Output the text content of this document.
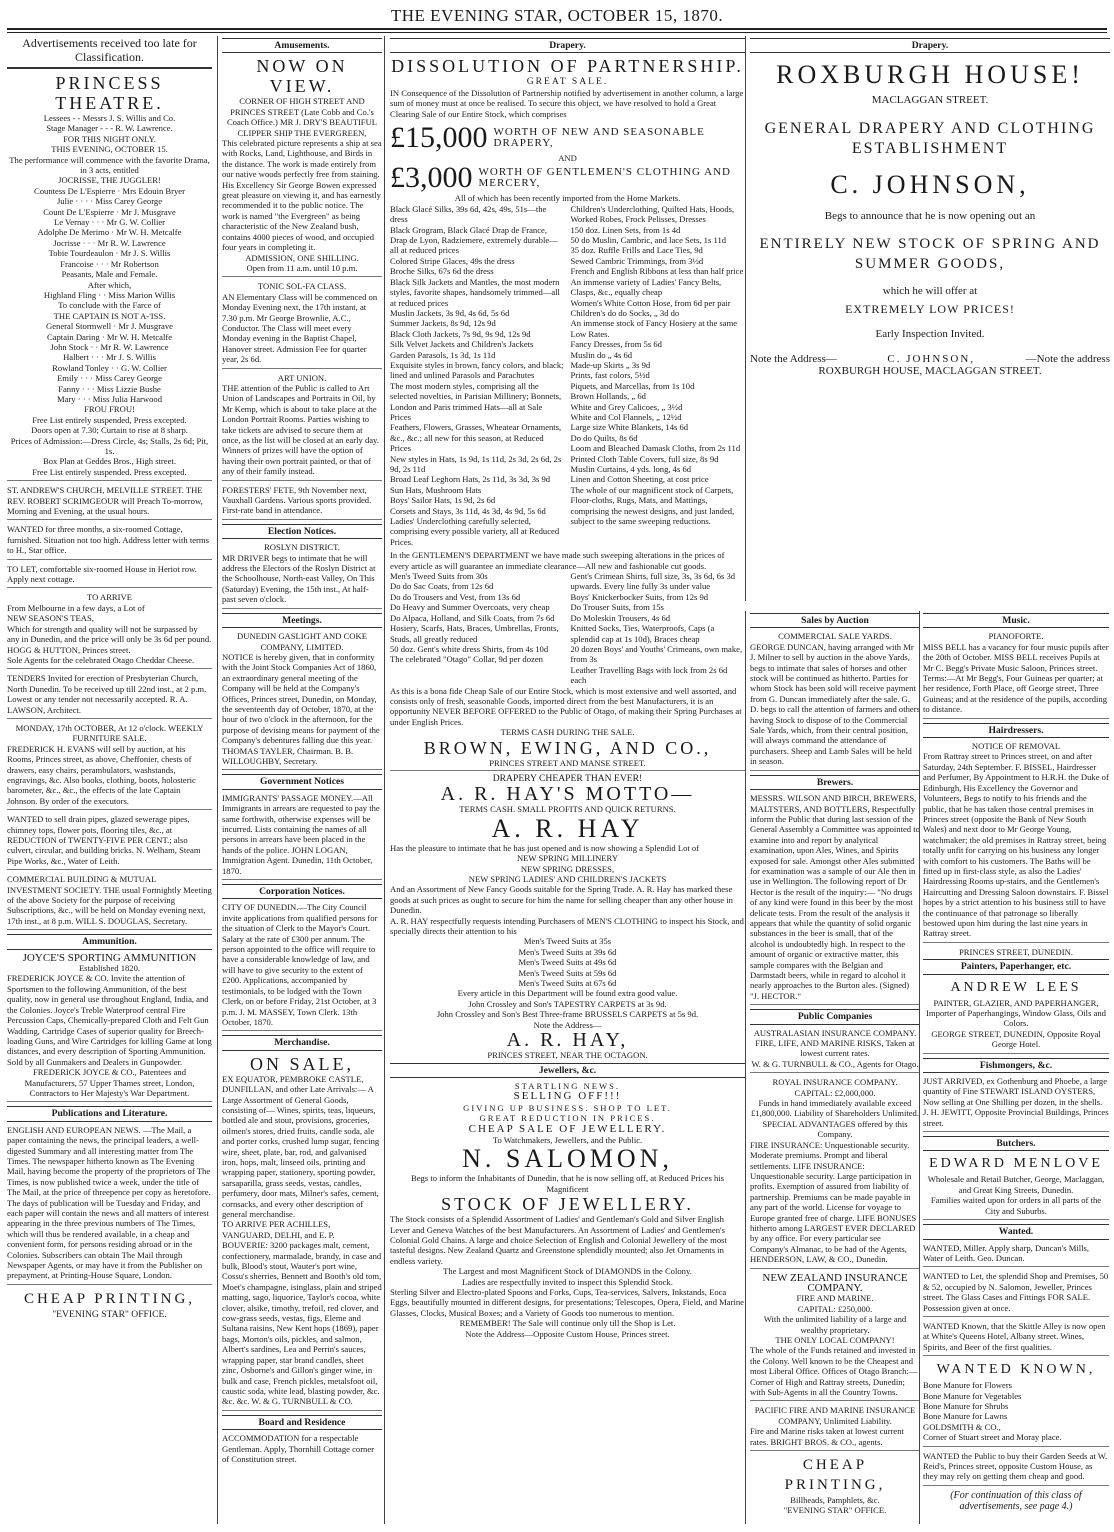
THE EVENING STAR, OCTOBER 15, 1870.
Advertisements received too late for Classification.
PRINCESS THEATRE.
Lessees - - Messrs J. S. Willis and Co.
Stage Manager - - - R. W. Lawrence.
FOR THIS NIGHT ONLY.
THIS EVENING, OCTOBER 15.
The performance will commence with the favorite Drama, in 3 acts, entitled
JOCRISSE, THE JUGGLER!
Countess De L'Espierre · Mrs Edouin Bryer
Julie · · · · Miss Carey George
Count De L'Espierre · Mr J. Musgrave
Le Vernay · · · Mr G. W. Collier
Adolphe De Merimo · Mr W. H. Metcalfe
Jocrisse · · · Mr R. W. Lawrence
Tobie Tourdeaulon · Mr J. S. Willis
Francoise · · · Mr Robertson
Peasants, Male and Female.
After which,
Highland Fling · · Miss Marion Willis
To conclude with the Farce of
THE CAPTAIN IS NOT A-'ISS.
General Stormwell · Mr J. Musgrave
Captain Daring · Mr W. H. Metcalfe
John Stock · · Mr R. W. Lawrence
Halbert · · · Mr J. S. Willis
Rowland Tonley · · G. W. Collier
Emily · · · Miss Carey George
Fanny · · · Miss Lizzie Bushe
Mary · · · Miss Julia Harwood
FROU FROU!
Free List entirely suspended, Press excepted.
Doors open at 7.30; Curtain to rise at 8 sharp.
Prices of Admission:—Dress Circle, 4s; Stalls, 2s 6d; Pit, 1s.
Box Plan at Geddes Bros., High street.
Free List entirely suspended. Press excepted.
ST. ANDREW'S CHURCH, MELVILLE STREET. THE REV. ROBERT SCRIMGEOUR will Preach To-morrow, Morning and Evening, at the usual hours.
WANTED for three months, a six-roomed Cottage, furnished. Situation not too high. Address letter with terms to H., Star office.
TO LET, comfortable six-roomed House in Heriot row. Apply next cottage.
TO ARRIVE
From Melbourne in a few days, a Lot of
NEW SEASON'S TEAS,
Which for strength and quality will not be surpassed by any in Dunedin, and the price will only be 3s 6d per pound.
HOGG & HUTTON, Princes street.
Sole Agents for the celebrated Otago Cheddar Cheese.
TENDERS Invited for erection of Presbyterian Church, North Dunedin. To be received up till 22nd inst., at 2 p.m. Lowest or any tender not necessarily accepted. R. A. LAWSON, Architect.
MONDAY, 17th OCTOBER, At 12 o'clock. WEEKLY FURNITURE SALE.
FREDERICK H. EVANS will sell by auction, at his Rooms, Princes street, as above, Cheffonier, chests of drawers, easy chairs, perambulators, washstands, engravings, &c. Also books, clothing, boots, holosteric barometer, &c., &c., the effects of the late Captain Johnson. By order of the executors.
WANTED to sell drain pipes, glazed sewerage pipes, chimney tops, flower pots, flooring tiles, &c., at REDUCTION of TWENTY-FIVE PER CENT.; also culvert, circular, and building bricks. N. Welham, Steam Pipe Works, &c., Water of Leith.
COMMERCIAL BUILDING & MUTUAL INVESTMENT SOCIETY. THE usual Fortnightly Meeting of the above Society for the purpose of receiving Subscriptions, &c., will be held on Monday evening next, 17th inst., at 8 p.m. WILL S. DOUGLAS, Secretary.
Ammunition.
JOYCE'S SPORTING AMMUNITION
Established 1820.
FREDERICK JOYCE & CO. Invite the attention of Sportsmen to the following Ammunition, of the best quality, now in general use throughout England, India, and the Colonies. Joyce's Treble Waterproof central Fire Percussion Caps, Chemically-prepared Cloth and Felt Gun Wadding, Cartridge Cases of superior quality for Breech-loading Guns, and Wire Cartridges for killing Game at long distances, and every description of Sporting Ammunition. Sold by all Gunmakers and Dealers in Gunpowder.
FREDERICK JOYCE & CO., Patentees and Manufacturers, 57 Upper Thames street, London, Contractors to Her Majesty's War Department.
Publications and Literature.
ENGLISH AND EUROPEAN NEWS. —The Mail, a paper containing the news, the principal leaders, a well-digested Summary and all interesting matter from The Times. The newspaper hitherto known as The Evening Mail, having become the property of the proprietors of The Times, is now published twice a week, under the title of The Mail, at the price of threepence per copy as heretofore. The days of publication will be Tuesday and Friday, and each paper will contain the news and all matters of interest appearing in the three previous numbers of The Times, which will thus be rendered available, in a cheap and convenient form, for persons residing abroad or in the Colonies. Subscribers can obtain The Mail through Newspaper Agents, or may have it from the Publisher on prepayment, at Printing-House Square, London.
CHEAP PRINTING,
"EVENING STAR" OFFICE.
Amusements.
NOW ON VIEW.
CORNER OF HIGH STREET AND PRINCES STREET (Late Cobb and Co.'s Coach Office.) MR J. DRY'S BEAUTIFUL CLIPPER SHIP THE EVERGREEN,
This celebrated picture represents a ship at sea with Rocks, Land, Lighthouse, and Birds in the distance. The work is made entirely from our native woods perfectly free from staining. His Excellency Sir George Bowen expressed great pleasure on viewing it, and has earnestly recommended it to the public notice. The work is named "the Evergreen" as being characteristic of the New Zealand bush, contains 4000 pieces of wood, and occupied four years in completing it.
ADMISSION, ONE SHILLING.
Open from 11 a.m. until 10 p.m.
TONIC SOL-FA CLASS.
AN Elementary Class will be commenced on Monday Evening next, the 17th instant, at 7.30 p.m. Mr George Brownlie, A.C., Conductor. The Class will meet every Monday evening in the Baptist Chapel, Hanover street. Admission Fee for quarter year, 2s 6d.
ART UNION.
THE attention of the Public is called to Art Union of Landscapes and Portraits in Oil, by Mr Kemp, which is about to take place at the London Portrait Rooms. Parties wishing to take tickets are advised to secure them at once, as the list will be closed at an early day. Winners of prizes will have the option of having their own portrait painted, or that of any of their family instead.
FORESTERS' FETE, 9th November next, Vauxhall Gardens. Various sports provided. First-rate band in attendance.
Election Notices.
ROSLYN DISTRICT.
MR DRIVER begs to intimate that he will address the Electors of the Roslyn District at the Schoolhouse, North-east Valley, On This (Saturday) Evening, the 15th inst., At half-past seven o'clock.
Meetings.
DUNEDIN GASLIGHT AND COKE COMPANY, LIMITED.
NOTICE is hereby given, that in conformity with the Joint Stock Companies Act of 1860, an extraordinary general meeting of the Company will be held at the Company's Offices, Princes street, Dunedin, on Monday, the seventeenth day of October, 1870, at the hour of two o'clock in the afternoon, for the purpose of devising means for payment of the Company's debentures falling due this year. THOMAS TAYLER, Chairman. B. B. WILLOUGHBY, Secretary.
Government Notices
IMMIGRANTS' PASSAGE MONEY.—All Immigrants in arrears are requested to pay the same forthwith, otherwise expenses will be incurred. Lists containing the names of all persons in arrears have been placed in the hands of the police. JOHN LOGAN, Immigration Agent. Dunedin, 11th October, 1870.
Corporation Notices.
CITY OF DUNEDIN.—The City Council invite applications from qualified persons for the situation of Clerk to the Mayor's Court. Salary at the rate of £300 per annum. The person appointed to the office will require to have a considerable knowledge of law, and will have to give security to the extent of £200. Applications, accompanied by testimonials, to be lodged with the Town Clerk, on or before Friday, 21st October, at 3 p.m. J. M. MASSEY, Town Clerk. 13th October, 1870.
Merchandise.
ON SALE,
EX EQUATOR, PEMBROKE CASTLE, DUNFILLAN, and other Late Arrivals:— A Large Assortment of General Goods, consisting of— Wines, spirits, teas, liqueurs, bottled ale and stout, provisions, groceries, oilmen's stores, dried fruits, candle soda, ale and porter corks, crushed lump sugar, fencing wire, sheet, plate, bar, rod, and galvanised iron, hops, malt, linseed oils, printing and wrapping paper, stationery, sporting powder, sarsaparilla, grass seeds, vestas, candles, perfumery, door mats, Milner's safes, cement, cornsacks, and every other description of general merchandise.
TO ARRIVE PER ACHILLES, VANGUARD, DELHI, and E. P. BOUVERIE: 3200 packages malt, cement, confectionery, marmalade, brandy, in case and bulk, Blood's stout, Wauter's port wine, Cossu's sherries, Bennett and Booth's old tom, Moet's champagne, isinglass, plain and striped matting, sago, liquorice, Taylor's cocoa, white clover, alsike, timothy, trefoil, red clover, and cow-grass seeds, vestas, figs, Eleme and Sultana raisins, New Kent hops (1869), paper bags, Morton's oils, pickles, and salmon, Albert's sardines, Lea and Perrin's sauces, wrapping paper, star brand candles, sheet zinc, Osborne's and Gillon's ginger wine, in bulk and case, French pickles, metalsfoot oil, caustic soda, white lead, blasting powder, &c. &c. &c. W. & G. TURNBULL & CO.
Board and Residence
ACCOMMODATION for a respectable Gentleman. Apply, Thornhill Cottage corner of Constitution street.
Drapery.
DISSOLUTION OF PARTNERSHIP.
GREAT SALE.
IN Consequence of the Dissolution of Partnership notified by advertisement in another column, a large sum of money must at once be realised. To secure this object, we have resolved to hold a Great Clearing Sale of our Entire Stock, which comprises
£15,000 WORTH OF NEW AND SEASONABLE DRAPERY,
AND
£3,000 WORTH OF GENTLEMEN'S CLOTHING AND MERCERY,
All of which has been recently imported from the Home Markets.
Black Glacé Silks, 39s 6d, 42s, 49s, 51s—the dress
Black Grogram, Black Glacé Drap de France, Drap de Lyon, Radziemere, extremely durable—all at reduced prices
Colored Stripe Glaces, 49s the dress
Broche Silks, 67s 6d the dress
Black Silk Jackets and Mantles, the most modern styles, favorite shapes, handsomely trimmed—all at reduced prices
Muslin Jackets, 3s 9d, 4s 6d, 5s 6d
Summer Jackets, 8s 9d, 12s 9d
Black Cloth Jackets, 7s 9d, 9s 9d, 12s 9d
Silk Velvet Jackets and Children's Jackets
Garden Parasols, 1s 3d, 1s 11d
Exquisite styles in brown, fancy colors, and black; lined and unlined Parasols and Parachutes
The most modern styles, comprising all the selected novelties, in Parisian Millinery; Bonnets, London and Paris trimmed Hats—all at Sale Prices
Feathers, Flowers, Grasses, Wheatear Ornaments, &c., &c.; all new for this season, at Reduced Prices
New styles in Hats, 1s 9d, 1s 11d, 2s 3d, 2s 6d, 2s 9d, 2s 11d
Broad Leaf Leghorn Hats, 2s 11d, 3s 3d, 3s 9d
Sun Hats, Mushroom Hats
Boys' Sailor Hats, 1s 9d, 2s 6d
Corsets and Stays, 3s 11d, 4s 3d, 4s 9d, 5s 6d
Ladies' Underclothing carefully selected, comprising every possible variety, all at Reduced Prices.
Children's Underclothing, Quilted Hats, Hoods, Worked Robes, Frock Pelisses, Dresses
150 doz. Linen Sets, from 1s 4d
50 do Muslin, Cambric, and lace Sets, 1s 11d
35 doz. Ruffle Frills and Lace Ties, 9d
Sewed Cambric Trimmings, from 3½d
French and English Ribbons at less than half price
An immense variety of Ladies' Fancy Belts, Clasps, &c., equally cheap
Women's White Cotton Hose, from 6d per pair
Children's do do Socks, „ 3d do
An immense stock of Fancy Hosiery at the same Low Rates.
Fancy Dresses, from 5s 6d
Muslin do „ 4s 6d
Made-up Skirts „ 3s 9d
Prints, fast colors, 5½d
Piquets, and Marcellas, from 1s 10d
Brown Hollands, „ 6d
White and Grey Calicoes, „ 3½d
White and Col Flannels, „ 12½d
Large size White Blankets, 14s 6d
Do do Quilts, 8s 6d
Loom and Bleached Damask Cloths, from 2s 11d
Printed Cloth Table Covers, full size, 8s 9d
Muslin Curtains, 4 yds. long, 4s 6d
Linen and Cotton Sheeting, at cost price
The whole of our magnificent stock of Carpets, Floor-cloths, Rugs, Mats, and Mattings, comprising the newest designs, and just landed, subject to the same sweeping reductions.
In the GENTLEMEN'S DEPARTMENT we have made such sweeping alterations in the prices of every article as will guarantee an immediate clearance—All new and fashionable cut goods.
Men's Tweed Suits from 30s
Do do Sac Coats, from 12s 6d
Do do Trousers and Vest, from 13s 6d
Do Heavy and Summer Overcoats, very cheap
Do Alpaca, Holland, and Silk Coats, from 7s 6d
Hosiery, Scarfs, Hats, Braces, Umbrellas, Fronts, Studs, all greatly reduced
50 doz. Gent's white dress Shirts, from 4s 10d
The celebrated "Otago" Collar, 9d per dozen
Gent's Crimean Shirts, full size, 3s, 3s 6d, 6s 3d upwards. Every line fully 3s under value
Boys' Knickerbocker Suits, from 12s 9d
Do Trouser Suits, from 15s
Do Moleskin Trousers, 4s 6d
Knitted Socks, Ties, Waterproofs, Caps (a splendid cap at 1s 10d), Braces cheap
20 dozen Boys' and Youths' Crimeans, own make, from 3s
Leather Travelling Bags with lock from 2s 6d each
As this is a bona fide Cheap Sale of our Entire Stock, which is most extensive and well assorted, and consists only of fresh, seasonable Goods, imported direct from the best Manufacturers, it is an opportunity NEVER BEFORE OFFERED to the Public of Otago, of making their Spring Purchases at under English Prices.
TERMS CASH DURING THE SALE.
BROWN, EWING, AND CO.,
PRINCES STREET AND MANSE STREET.
DRAPERY CHEAPER THAN EVER!
A. R. HAY'S MOTTO—
TERMS CASH. SMALL PROFITS AND QUICK RETURNS.
A. R. HAY
Has the pleasure to intimate that he has just opened and is now showing a Splendid Lot of
NEW SPRING MILLINERY
NEW SPRING DRESSES,
NEW SPRING LADIES' AND CHILDREN'S JACKETS
And an Assortment of New Fancy Goods suitable for the Spring Trade. A. R. Hay has marked these goods at such prices as ought to secure for him the name for selling cheaper than any other house in Dunedin.
A. R. HAY respectfully requests intending Purchasers of MEN'S CLOTHING to inspect his Stock, and specially directs their attention to his
Men's Tweed Suits at 35s
Men's Tweed Suits at 39s 6d
Men's Tweed Suits at 49s 6d
Men's Tweed Suits at 59s 6d
Men's Tweed Suits at 67s 6d
Every article in this Department will be found extra good value.
John Crossley and Son's TAPESTRY CARPETS at 3s 9d.
John Crossley and Son's Best Three-frame BRUSSELS CARPETS at 5s 9d.
Note the Address—
A. R. HAY,
PRINCES STREET, NEAR THE OCTAGON.
Jewellers, &c.
STARTLING NEWS.
SELLING OFF!!!
GIVING UP BUSINESS. SHOP TO LET.
GREAT REDUCTION IN PRICES.
CHEAP SALE OF JEWELLERY.
To Watchmakers, Jewellers, and the Public.
N. SALOMON,
Begs to inform the Inhabitants of Dunedin, that he is now selling off, at Reduced Prices his Magnificent
STOCK OF JEWELLERY.
The Stock consists of a Splendid Assortment of Ladies' and Gentleman's Gold and Silver English Lever and Geneva Watches of the best Manufacturers. An Assortment of Ladies' and Gentlemen's Colonial Gold Chains. A large and choice Selection of English and Colonial Jewellery of the most tasteful designs. New Zealand Quartz and Greenstone splendidly mounted; also Jet Ornaments in endless variety.
The Largest and most Magnificent Stock of DIAMONDS in the Colony.
Ladies are respectfully invited to inspect this Splendid Stock.
Sterling Silver and Electro-plated Spoons and Forks, Cups, Tea-services, Salvers, Inkstands, Eoca Eggs, beautifully mounted in different designs, for presentations; Telescopes, Opera, Field, and Marine Glasses, Clocks, Musical Boxes; and a Variety of Goods too numerous to mention.
REMEMBER! The Sale will continue only till the Shop is Let.
Note the Address—Opposite Custom House, Princes street.
Drapery.
ROXBURGH HOUSE!
MACLAGGAN STREET.
GENERAL DRAPERY AND CLOTHING ESTABLISHMENT
C. JOHNSON,
Begs to announce that he is now opening out an
ENTIRELY NEW STOCK OF SPRING AND SUMMER GOODS,
which he will offer at
EXTREMELY LOW PRICES!
Early Inspection Invited.
Note the Address—	C. JOHNSON,	—Note the address
ROXBURGH HOUSE, MACLAGGAN STREET.
Sales by Auction
COMMERCIAL SALE YARDS.
GEORGE DUNCAN, having arranged with Mr J. Milner to sell by auction in the above Yards, begs to intimate that sales of horses and other stock will be continued as hitherto. Parties for whom Stock has been sold will receive payment from G. Duncan immediately after the sale. G. D. begs to call the attention of farmers and others having Stock to dispose of to the Commercial Sale Yards, which, from their central position, will always command the attendance of purchasers. Sheep and Lamb Sales will be held in season.
Brewers.
MESSRS. WILSON AND BIRCH, BREWERS, MALTSTERS, AND BOTTLERS, Respectfully inform the Public that during last session of the General Assembly a Committee was appointed to examine into and report by analytical examination, upon Ales, Wines, and Spirits exposed for sale. Amongst other Ales submitted for examination was a sample of our Ale then in use in Wellington. The following report of Dr Hector is the result of the inquiry:— "No drugs of any kind were found in this beer by the most delicate tests. From the result of the analysis it appears that while the quantity of solid organic substances in the beer is small, that of the alcohol is undoubtedly high. In respect to the amount of organic or extractive matter, this sample compares with the Belgian and Darmstadt beers, while in regard to alcohol it nearly approaches to the Burton ales. (Signed) "J. HECTOR."
Public Companies
AUSTRALASIAN INSURANCE COMPANY.
FIRE, LIFE, AND MARINE RISKS, Taken at lowest current rates.
W. & G. TURNBULL & CO., Agents for Otago.
ROYAL INSURANCE COMPANY.
CAPITAL: £2,000,000.
Funds in hand immediately available exceed £1,800,000. Liability of Shareholders Unlimited.
SPECIAL ADVANTAGES offered by this Company.
FIRE INSURANCE: Unquestionable security. Moderate premiums. Prompt and liberal settlements. LIFE INSURANCE: Unquestionable security. Large participation in profits. Exemption of assured from liability of partnership. Premiums can be made payable in any part of the world. License for voyage to Europe granted free of charge. LIFE BONUSES hitherto among LARGEST EVER DECLARED by any office. For every particular see Company's Almanac, to be had of the Agents, HENDERSON, LAW, & CO., Dunedin.
NEW ZEALAND INSURANCE COMPANY.
FIRE AND MARINE.
CAPITAL: £250,000.
With the unlimited liability of a large and wealthy proprietary.
THE ONLY LOCAL COMPANY!
The whole of the Funds retained and invested in the Colony. Well known to be the Cheapest and most Liberal Office. Offices of Otago Branch:—Corner of High and Rattray streets, Dunedin; with Sub-Agents in all the Country Towns.
PACIFIC FIRE AND MARINE INSURANCE COMPANY, Unlimited Liability.
Fire and Marine risks taken at lowest current rates. BRIGHT BROS. & CO., agents.
CHEAP PRINTING,
Billheads, Pamphlets, &c.
"EVENING STAR" OFFICE.
Music.
PIANOFORTE.
MISS BELL has a vacancy for four music pupils after the 20th of October. MISS BELL receives Pupils at Mr C. Begg's Private Music Saloon, Princes street. Terms:—At Mr Begg's, Four Guineas per quarter; at her residence, Forth Place, off George street, Three Guineas; and at the residence of the pupils, according to distance.
Hairdressers.
NOTICE OF REMOVAL
From Rattray street to Princes street, on and after Saturday, 24th September. F. BISSEL, Hairdresser and Perfumer, By Appointment to H.R.H. the Duke of Edinburgh, His Excellency the Governor and Volunteers, Begs to notify to his friends and the public, that he has taken those central premises in Princes street (opposite the Bank of New South Wales) and next door to Mr George Young, watchmaker; the old premises in Rattray street, being totally unfit for carrying on his business any longer with comfort to his customers. The Baths will be fitted up in first-class style, as also the Ladies' Hairdressing Rooms up-stairs, and the Gentlemen's Haircutting and Dressing Saloon downstairs. F. Bissel hopes by a strict attention to his business still to have the continuance of that patronage so liberally bestowed upon him during the last nine years in Rattray street.
PRINCES STREET, DUNEDIN.
Painters, Paperhanger, etc.
ANDREW LEES
PAINTER, GLAZIER, AND PAPERHANGER, Importer of Paperhangings, Window Glass, Oils and Colors.
GEORGE STREET, DUNEDIN, Opposite Royal George Hotel.
Fishmongers, &c.
JUST ARRIVED, ex Gothenburg and Phoebe, a large quantity of Fine STEWART ISLAND OYSTERS, Now selling at One Shilling per dozen, in the shells. J. H. JEWITT, Opposite Provincial Buildings, Princes street.
Butchers.
EDWARD MENLOVE
Wholesale and Retail Butcher, George, Maclaggan, and Great King Streets, Dunedin.
Families waited upon for orders in all parts of the City and Suburbs.
Wanted.
WANTED, Miller. Apply sharp, Duncan's Mills, Water of Leith. Geo. Duncan.
WANTED to Let, the splendid Shop and Premises, 50 & 52, occupied by N. Salomon, Jeweller, Princes street. The Glass Cases and Fittings FOR SALE. Possession given at once.
WANTED Known, that the Skittle Alley is now open at White's Queens Hotel, Albany street. Wines, Spirits, and Beer of the first qualities.
WANTED KNOWN,
Bone Manure for Flowers
Bone Manure for Vegetables
Bone Manure for Shrubs
Bone Manure for Lawns
GOLDSMITH & CO.,
Corner of Stuart street and Moray place.
WANTED the Public to buy their Garden Seeds at W. Reid's, Princes street, opposite Custom House, as they may rely on getting them cheap and good.
(For continuation of this class of advertisements, see page 4.)
